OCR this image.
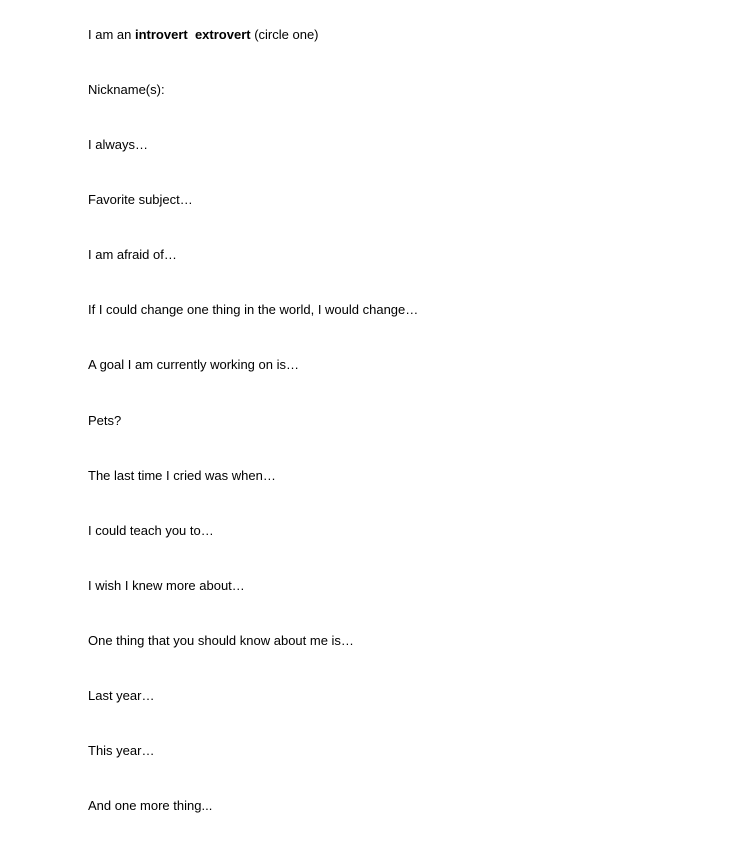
I am an introvert extrovert (circle one)

Nickname(s):

I always…

Favorite subject…

I am afraid of…

If I could change one thing in the world, I would change…

A goal I am currently working on is…

Pets?

The last time I cried was when…

I could teach you to…

I wish I knew more about…

One thing that you should know about me is…

Last year…

This year…

And one more thing...
